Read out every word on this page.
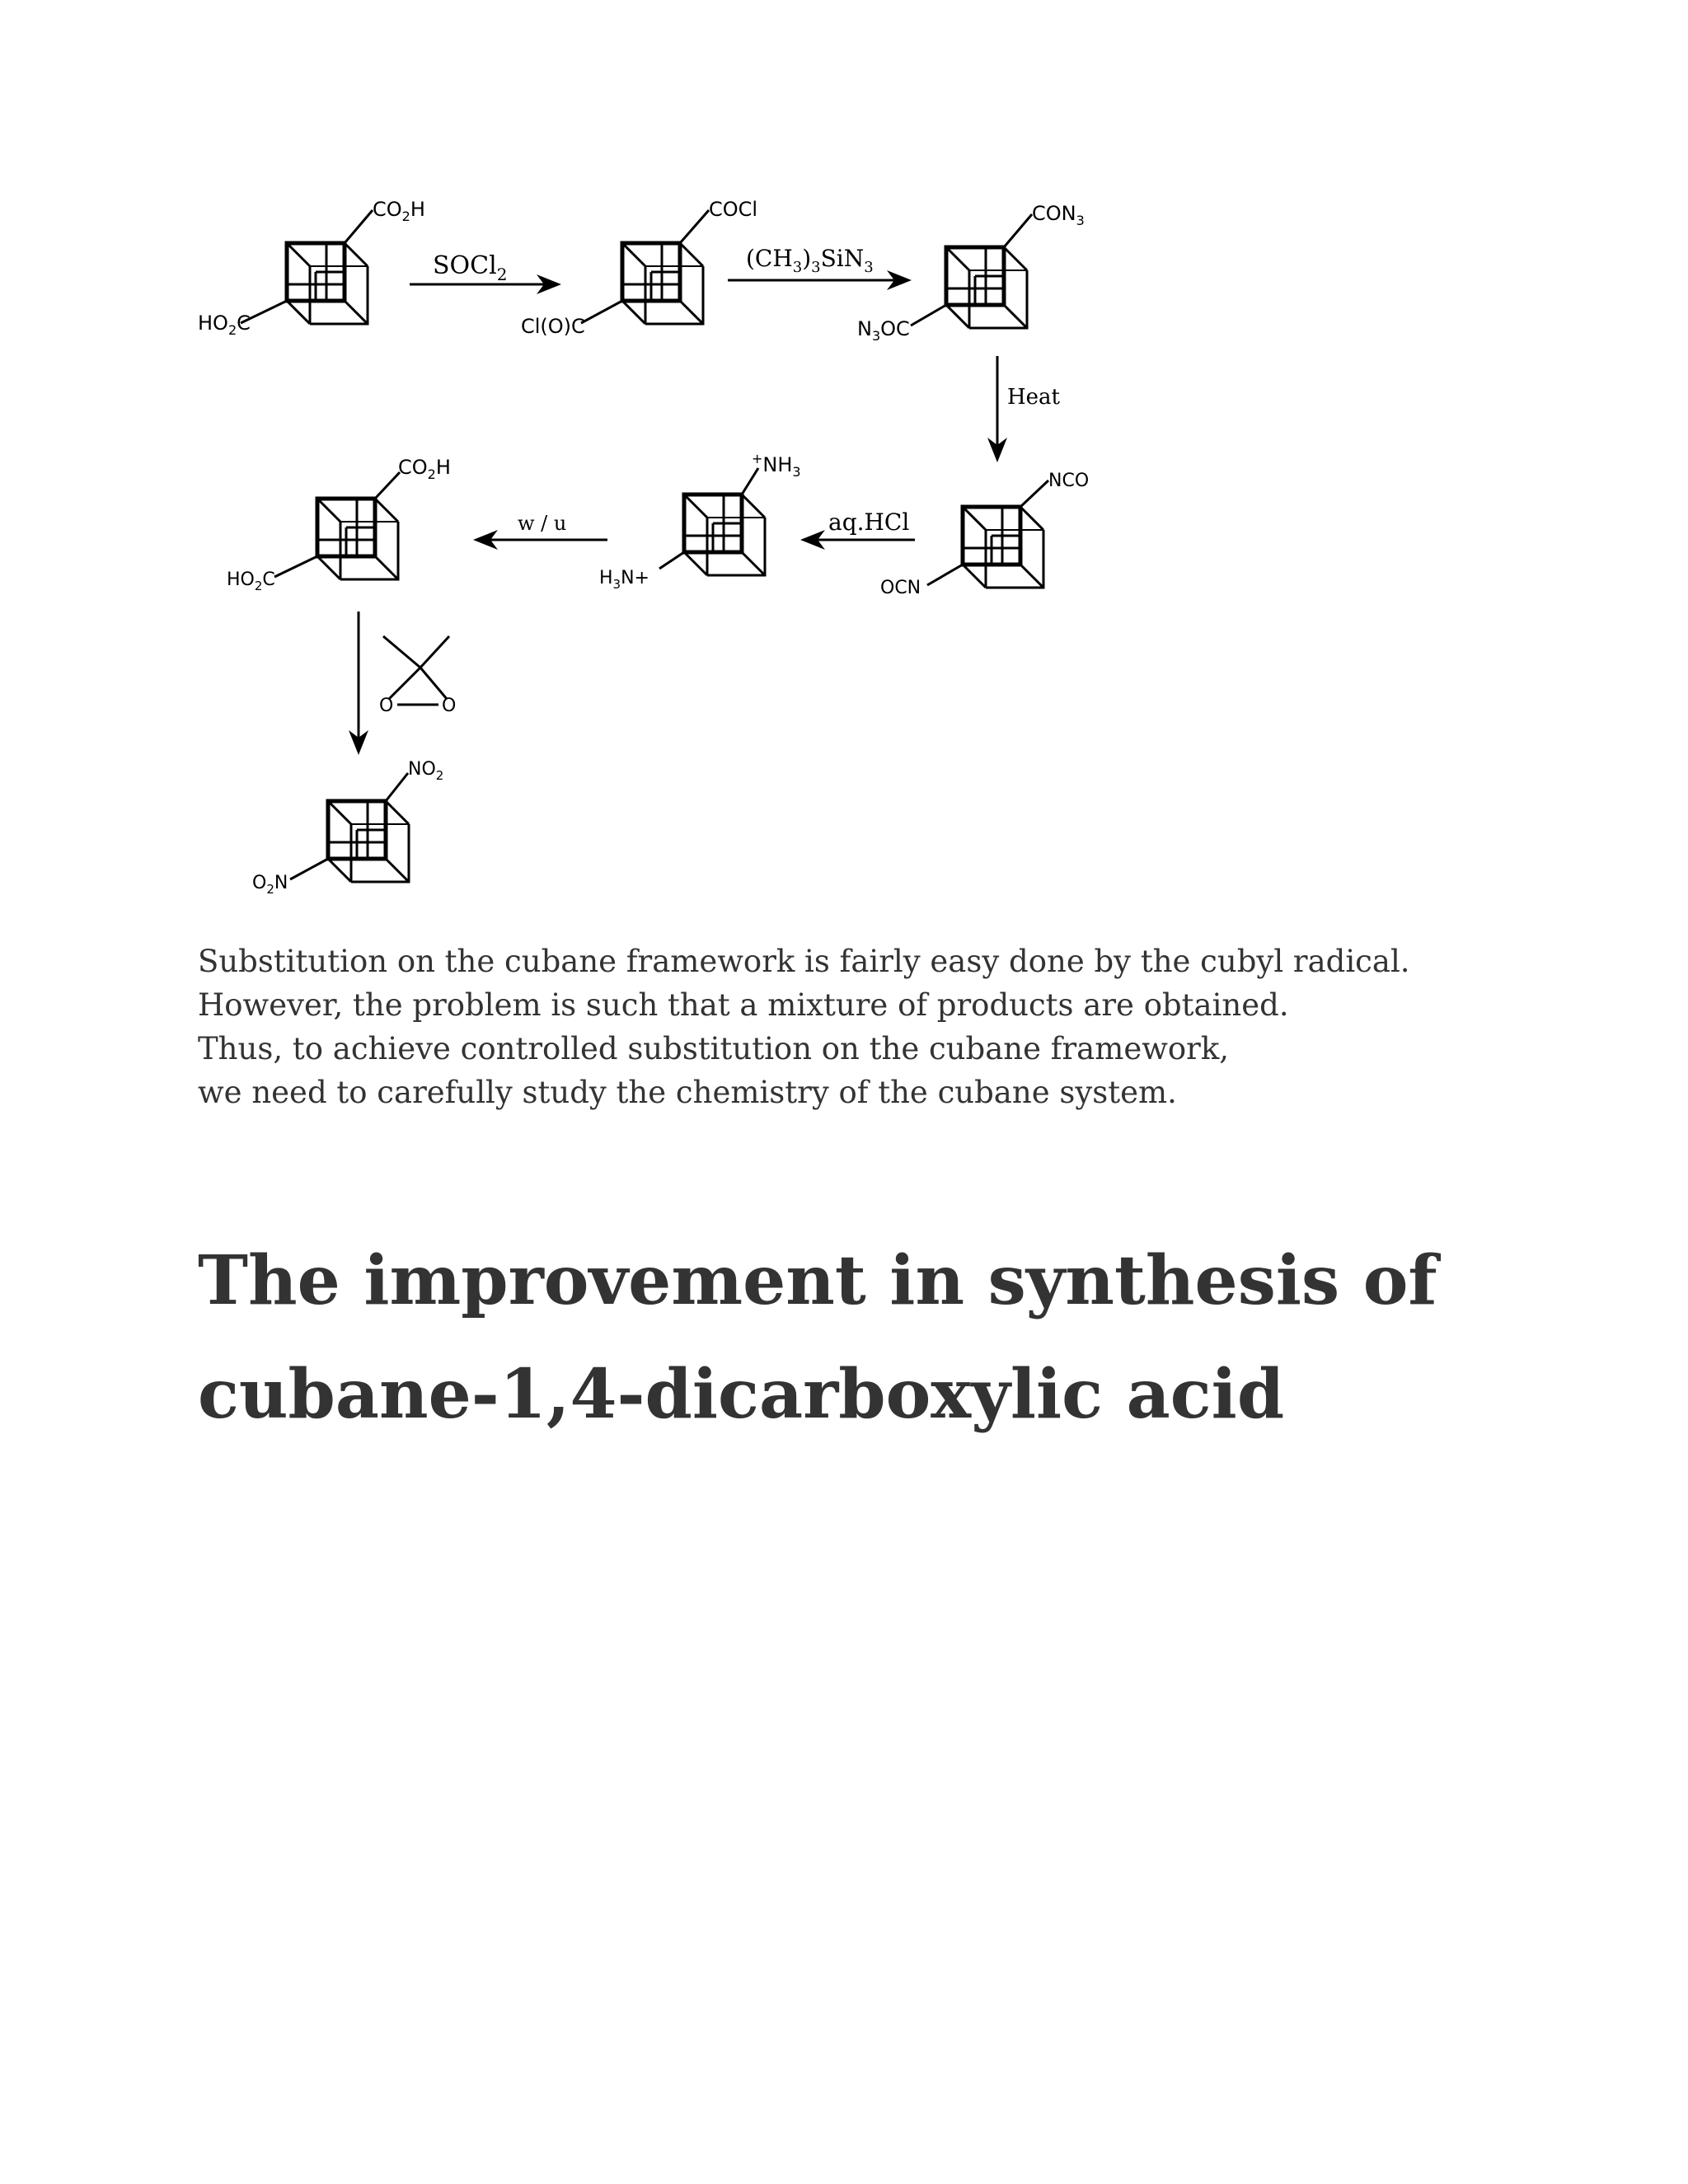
$CO_2H$
$HO_2C$
SOCl$_2$
COCl
Cl(O)C
$(CH_3)_3SiN_3$
$CON_3$
$N_3OC$
Heat
NCO
OCN
aq.HCl
$^+NH_3$
$H_3N+$
w / u
$CO_2H$
$HO_2C$
O	O
$NO_2$
$O_2N$

Substitution on the cubane framework is fairly easy done by the cubyl radical.

However, the problem is such that a mixture of products are obtained.

Thus, to achieve controlled substitution on the cubane framework,

we need to carefully study the chemistry of the cubane system.

The improvement in synthesis of cubane-1,4-dicarboxylic acid
